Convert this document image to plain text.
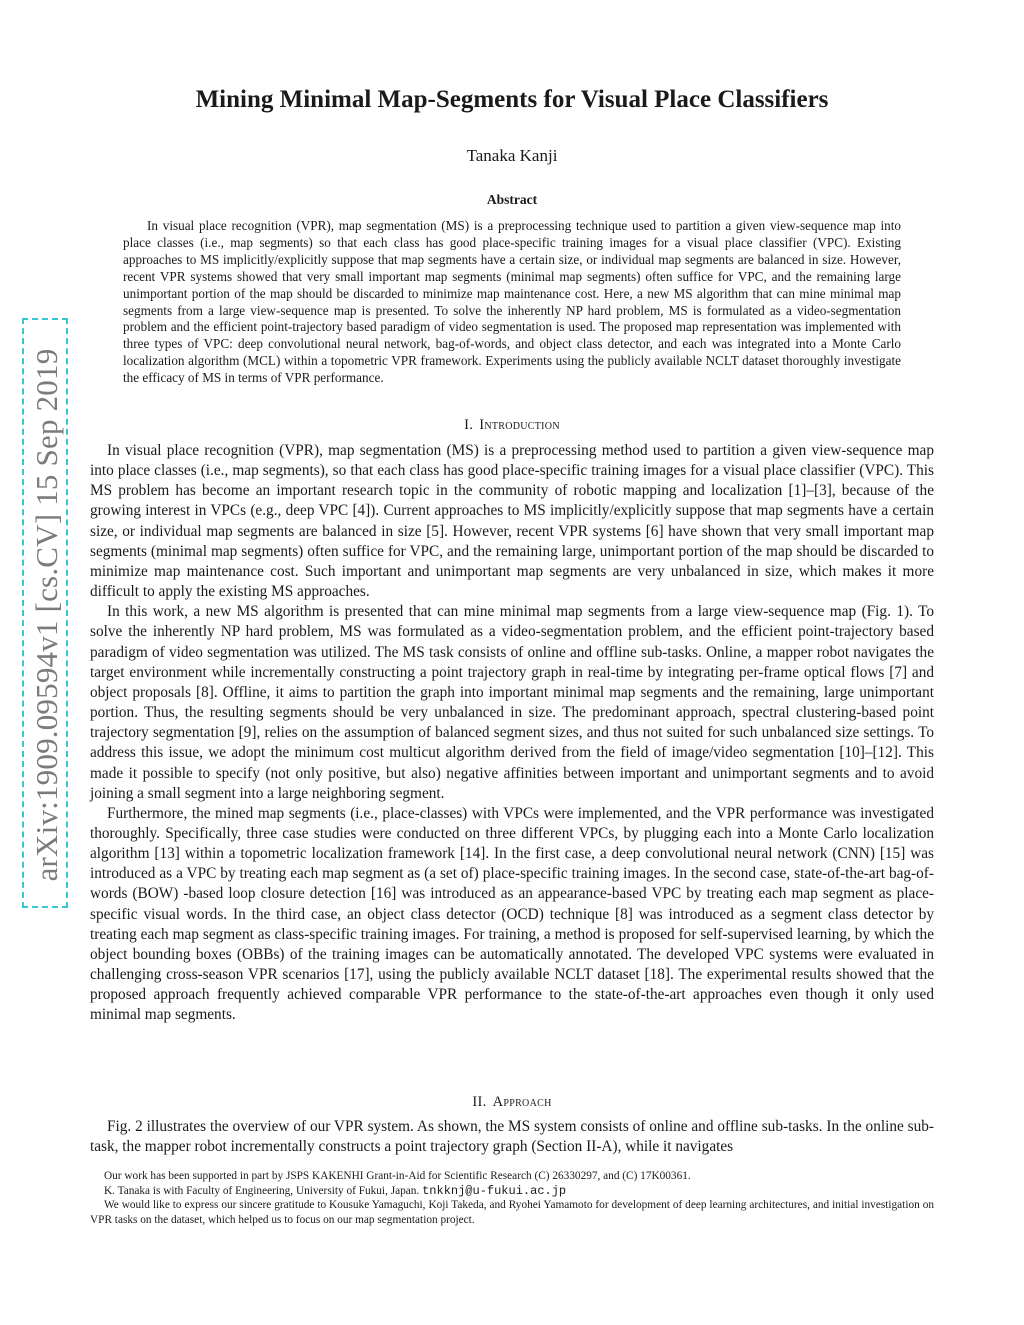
arXiv:1909.09594v1 [cs.CV] 15 Sep 2019
Mining Minimal Map-Segments for Visual Place Classifiers
Tanaka Kanji
Abstract

In visual place recognition (VPR), map segmentation (MS) is a preprocessing technique used to partition a given view-sequence map into place classes (i.e., map segments) so that each class has good place-specific training images for a visual place classifier (VPC). Existing approaches to MS implicitly/explicitly suppose that map segments have a certain size, or individual map segments are balanced in size. However, recent VPR systems showed that very small important map segments (minimal map segments) often suffice for VPC, and the remaining large unimportant portion of the map should be discarded to minimize map maintenance cost. Here, a new MS algorithm that can mine minimal map segments from a large view-sequence map is presented. To solve the inherently NP hard problem, MS is formulated as a video-segmentation problem and the efficient point-trajectory based paradigm of video segmentation is used. The proposed map representation was implemented with three types of VPC: deep convolutional neural network, bag-of-words, and object class detector, and each was integrated into a Monte Carlo localization algorithm (MCL) within a topometric VPR framework. Experiments using the publicly available NCLT dataset thoroughly investigate the efficacy of MS in terms of VPR performance.

I. Introduction

In visual place recognition (VPR), map segmentation (MS) is a preprocessing method used to partition a given view-sequence map into place classes (i.e., map segments), so that each class has good place-specific training images for a visual place classifier (VPC). This MS problem has become an important research topic in the community of robotic mapping and localization [1]–[3], because of the growing interest in VPCs (e.g., deep VPC [4]). Current approaches to MS implicitly/explicitly suppose that map segments have a certain size, or individual map segments are balanced in size [5]. However, recent VPR systems [6] have shown that very small important map segments (minimal map segments) often suffice for VPC, and the remaining large, unimportant portion of the map should be discarded to minimize map maintenance cost. Such important and unimportant map segments are very unbalanced in size, which makes it more difficult to apply the existing MS approaches.

In this work, a new MS algorithm is presented that can mine minimal map segments from a large view-sequence map (Fig. 1). To solve the inherently NP hard problem, MS was formulated as a video-segmentation problem, and the efficient point-trajectory based paradigm of video segmentation was utilized. The MS task consists of online and offline sub-tasks. Online, a mapper robot navigates the target environment while incrementally constructing a point trajectory graph in real-time by integrating per-frame optical flows [7] and object proposals [8]. Offline, it aims to partition the graph into important minimal map segments and the remaining, large unimportant portion. Thus, the resulting segments should be very unbalanced in size. The predominant approach, spectral clustering-based point trajectory segmentation [9], relies on the assumption of balanced segment sizes, and thus not suited for such unbalanced size settings. To address this issue, we adopt the minimum cost multicut algorithm derived from the field of image/video segmentation [10]–[12]. This made it possible to specify (not only positive, but also) negative affinities between important and unimportant segments and to avoid joining a small segment into a large neighboring segment.

Furthermore, the mined map segments (i.e., place-classes) with VPCs were implemented, and the VPR performance was investigated thoroughly. Specifically, three case studies were conducted on three different VPCs, by plugging each into a Monte Carlo localization algorithm [13] within a topometric localization framework [14]. In the first case, a deep convolutional neural network (CNN) [15] was introduced as a VPC by treating each map segment as (a set of) place-specific training images. In the second case, state-of-the-art bag-of-words (BOW) -based loop closure detection [16] was introduced as an appearance-based VPC by treating each map segment as place-specific visual words. In the third case, an object class detector (OCD) technique [8] was introduced as a segment class detector by treating each map segment as class-specific training images. For training, a method is proposed for self-supervised learning, by which the object bounding boxes (OBBs) of the training images can be automatically annotated. The developed VPC systems were evaluated in challenging cross-season VPR scenarios [17], using the publicly available NCLT dataset [18]. The experimental results showed that the proposed approach frequently achieved comparable VPR performance to the state-of-the-art approaches even though it only used minimal map segments.

II. Approach

Fig. 2 illustrates the overview of our VPR system. As shown, the MS system consists of online and offline sub-tasks. In the online sub-task, the mapper robot incrementally constructs a point trajectory graph (Section II-A), while it navigates

Our work has been supported in part by JSPS KAKENHI Grant-in-Aid for Scientific Research (C) 26330297, and (C) 17K00361.

K. Tanaka is with Faculty of Engineering, University of Fukui, Japan. tnkknj@u-fukui.ac.jp

We would like to express our sincere gratitude to Kousuke Yamaguchi, Koji Takeda, and Ryohei Yamamoto for development of deep learning architectures, and initial investigation on VPR tasks on the dataset, which helped us to focus on our map segmentation project.
